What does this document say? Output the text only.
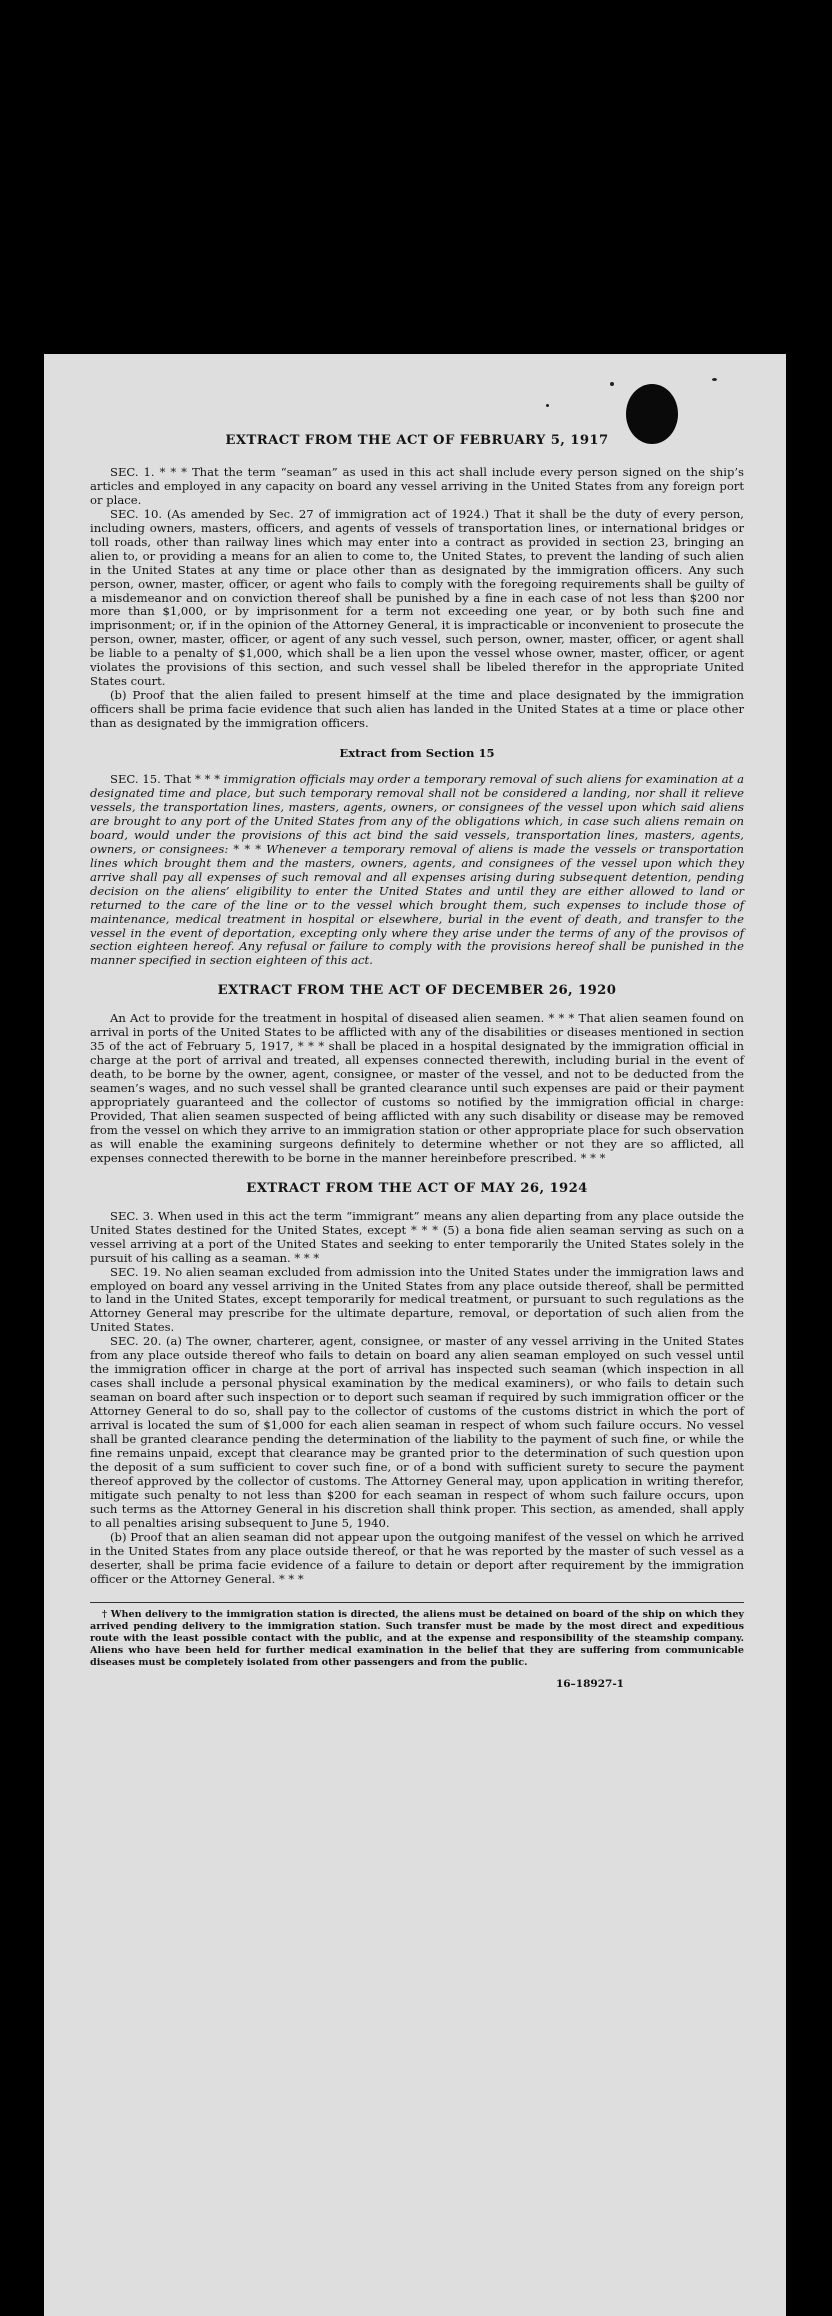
EXTRACT FROM THE ACT OF FEBRUARY 5, 1917

SEC. 1. * * * That the term “seaman” as used in this act shall include every person signed on the ship’s articles and employed in any capacity on board any vessel arriving in the United States from any foreign port or place.

SEC. 10. (As amended by Sec. 27 of immigration act of 1924.) That it shall be the duty of every person, including owners, masters, officers, and agents of vessels of transportation lines, or international bridges or toll roads, other than railway lines which may enter into a contract as provided in section 23, bringing an alien to, or providing a means for an alien to come to, the United States, to prevent the landing of such alien in the United States at any time or place other than as designated by the immigration officers. Any such person, owner, master, officer, or agent who fails to comply with the foregoing requirements shall be guilty of a misdemeanor and on conviction thereof shall be punished by a fine in each case of not less than $200 nor more than $1,000, or by imprisonment for a term not exceeding one year, or by both such fine and imprisonment; or, if in the opinion of the Attorney General, it is impracticable or inconvenient to prosecute the person, owner, master, officer, or agent of any such vessel, such person, owner, master, officer, or agent shall be liable to a penalty of $1,000, which shall be a lien upon the vessel whose owner, master, officer, or agent violates the provisions of this section, and such vessel shall be libeled therefor in the appropriate United States court.

(b) Proof that the alien failed to present himself at the time and place designated by the immigration officers shall be prima facie evidence that such alien has landed in the United States at a time or place other than as designated by the immigration officers.

Extract from Section 15

SEC. 15. That * * * immigration officials may order a temporary removal of such aliens for examination at a designated time and place, but such temporary removal shall not be considered a landing, nor shall it relieve vessels, the transportation lines, masters, agents, owners, or consignees of the vessel upon which said aliens are brought to any port of the United States from any of the obligations which, in case such aliens remain on board, would under the provisions of this act bind the said vessels, transportation lines, masters, agents, owners, or consignees: * * * Whenever a temporary removal of aliens is made the vessels or transportation lines which brought them and the masters, owners, agents, and consignees of the vessel upon which they arrive shall pay all expenses of such removal and all expenses arising during subsequent detention, pending decision on the aliens’ eligibility to enter the United States and until they are either allowed to land or returned to the care of the line or to the vessel which brought them, such expenses to include those of maintenance, medical treatment in hospital or elsewhere, burial in the event of death, and transfer to the vessel in the event of deportation, excepting only where they arise under the terms of any of the provisos of section eighteen hereof. Any refusal or failure to comply with the provisions hereof shall be punished in the manner specified in section eighteen of this act.

EXTRACT FROM THE ACT OF DECEMBER 26, 1920

An Act to provide for the treatment in hospital of diseased alien seamen. * * * That alien seamen found on arrival in ports of the United States to be afflicted with any of the disabilities or diseases mentioned in section 35 of the act of February 5, 1917, * * * shall be placed in a hospital designated by the immigration official in charge at the port of arrival and treated, all expenses connected therewith, including burial in the event of death, to be borne by the owner, agent, consignee, or master of the vessel, and not to be deducted from the seamen’s wages, and no such vessel shall be granted clearance until such expenses are paid or their payment appropriately guaranteed and the collector of customs so notified by the immigration official in charge: Provided, That alien seamen suspected of being afflicted with any such disability or disease may be removed from the vessel on which they arrive to an immigration station or other appropriate place for such observation as will enable the examining surgeons definitely to determine whether or not they are so afflicted, all expenses connected therewith to be borne in the manner hereinbefore prescribed. * * *

EXTRACT FROM THE ACT OF MAY 26, 1924

SEC. 3. When used in this act the term “immigrant” means any alien departing from any place outside the United States destined for the United States, except * * * (5) a bona fide alien seaman serving as such on a vessel arriving at a port of the United States and seeking to enter temporarily the United States solely in the pursuit of his calling as a seaman. * * *

SEC. 19. No alien seaman excluded from admission into the United States under the immigration laws and employed on board any vessel arriving in the United States from any place outside thereof, shall be permitted to land in the United States, except temporarily for medical treatment, or pursuant to such regulations as the Attorney General may prescribe for the ultimate departure, removal, or deportation of such alien from the United States.

SEC. 20. (a) The owner, charterer, agent, consignee, or master of any vessel arriving in the United States from any place outside thereof who fails to detain on board any alien seaman employed on such vessel until the immigration officer in charge at the port of arrival has inspected such seaman (which inspection in all cases shall include a personal physical examination by the medical examiners), or who fails to detain such seaman on board after such inspection or to deport such seaman if required by such immigration officer or the Attorney General to do so, shall pay to the collector of customs of the customs district in which the port of arrival is located the sum of $1,000 for each alien seaman in respect of whom such failure occurs. No vessel shall be granted clearance pending the determination of the liability to the payment of such fine, or while the fine remains unpaid, except that clearance may be granted prior to the determination of such question upon the deposit of a sum sufficient to cover such fine, or of a bond with sufficient surety to secure the payment thereof approved by the collector of customs. The Attorney General may, upon application in writing therefor, mitigate such penalty to not less than $200 for each seaman in respect of whom such failure occurs, upon such terms as the Attorney General in his discretion shall think proper. This section, as amended, shall apply to all penalties arising subsequent to June 5, 1940.

(b) Proof that an alien seaman did not appear upon the outgoing manifest of the vessel on which he arrived in the United States from any place outside thereof, or that he was reported by the master of such vessel as a deserter, shall be prima facie evidence of a failure to detain or deport after requirement by the immigration officer or the Attorney General. * * *

† When delivery to the immigration station is directed, the aliens must be detained on board of the ship on which they arrived pending delivery to the immigration station. Such transfer must be made by the most direct and expeditious route with the least possible contact with the public, and at the expense and responsibility of the steamship company. Aliens who have been held for further medical examination in the belief that they are suffering from communicable diseases must be completely isolated from other passengers and from the public.

16–18927-1
